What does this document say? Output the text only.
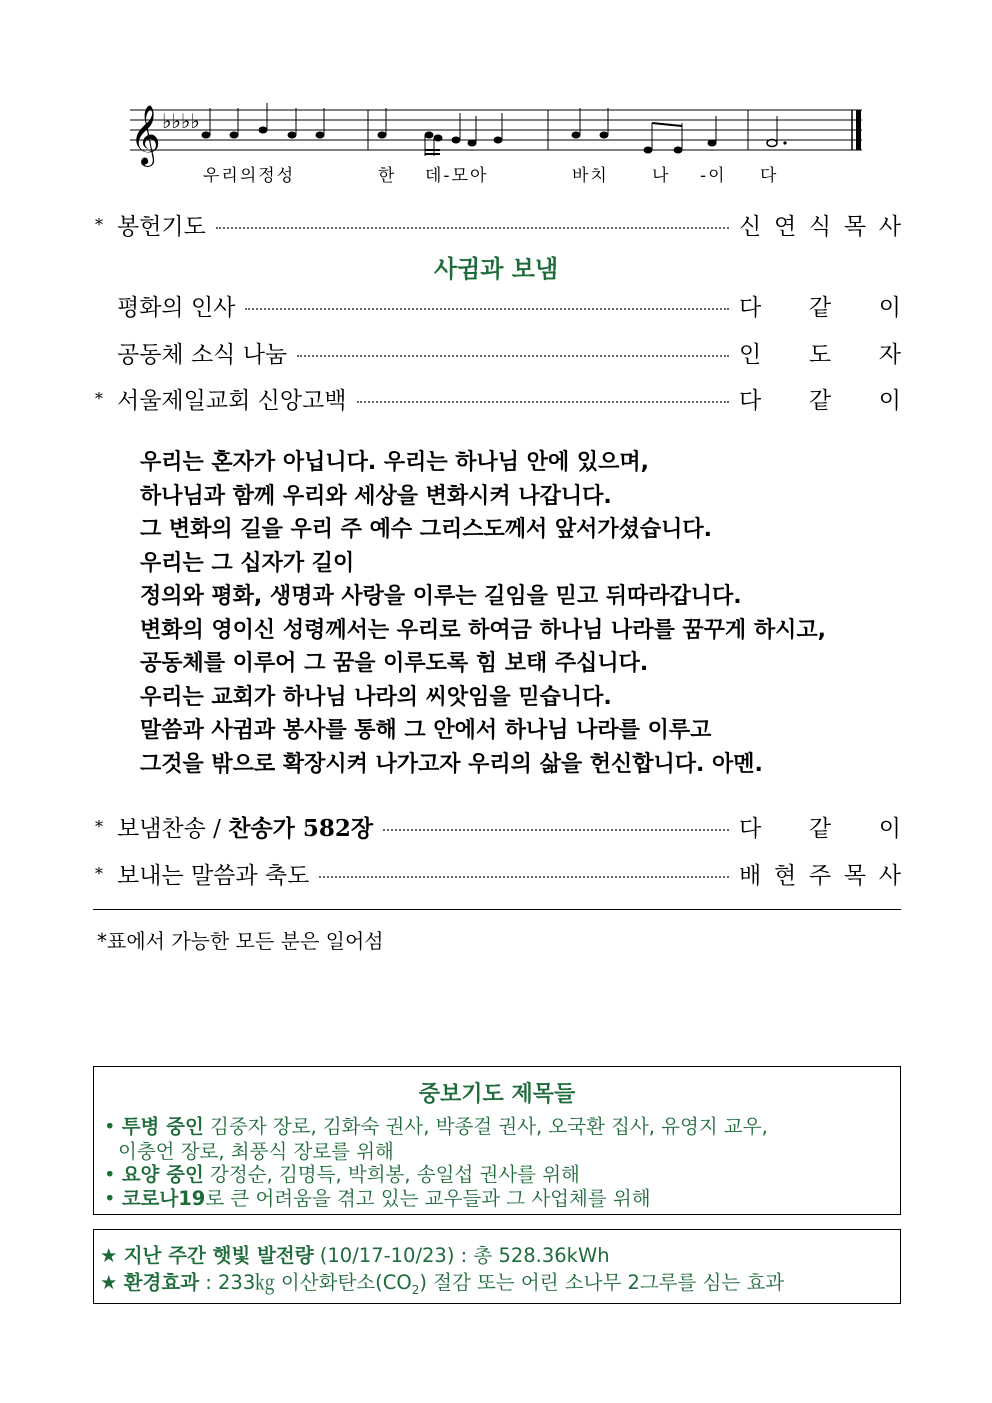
𝄞 ♭♭♭♭
우리의정성	한 데-모아	바치	나 -이 다
* 봉헌기도	신 연 식 목 사
사귐과 보냄
평화의 인사	다 같 이
공동체 소식 나눔	인 도 자
* 서울제일교회 신앙고백	다 같 이
우리는 혼자가 아닙니다. 우리는 하나님 안에 있으며,
하나님과 함께 우리와 세상을 변화시켜 나갑니다.
그 변화의 길을 우리 주 예수 그리스도께서 앞서가셨습니다.
우리는 그 십자가 길이
정의와 평화, 생명과 사랑을 이루는 길임을 믿고 뒤따라갑니다.
변화의 영이신 성령께서는 우리로 하여금 하나님 나라를 꿈꾸게 하시고,
공동체를 이루어 그 꿈을 이루도록 힘 보태 주십니다.
우리는 교회가 하나님 나라의 씨앗임을 믿습니다.
말씀과 사귐과 봉사를 통해 그 안에서 하나님 나라를 이루고
그것을 밖으로 확장시켜 나가고자 우리의 삶을 헌신합니다. 아멘.
* 보냄찬송 / 찬송가 582장	다 같 이
* 보내는 말씀과 축도	배 현 주 목 사
*표에서 가능한 모든 분은 일어섬
중보기도 제목들
• 투병 중인 김중자 장로, 김화숙 권사, 박종걸 권사, 오국환 집사, 유영지 교우,
이충언 장로, 최풍식 장로를 위해
• 요양 중인 강정순, 김명득, 박희봉, 송일섭 권사를 위해
• 코로나19로 큰 어려움을 겪고 있는 교우들과 그 사업체를 위해
★ 지난 주간 햇빛 발전량 (10/17-10/23) : 총 528.36kWh
★ 환경효과 : 233㎏ 이산화탄소$(CO_2)$ 절감 또는 어린 소나무 2그루를 심는 효과
